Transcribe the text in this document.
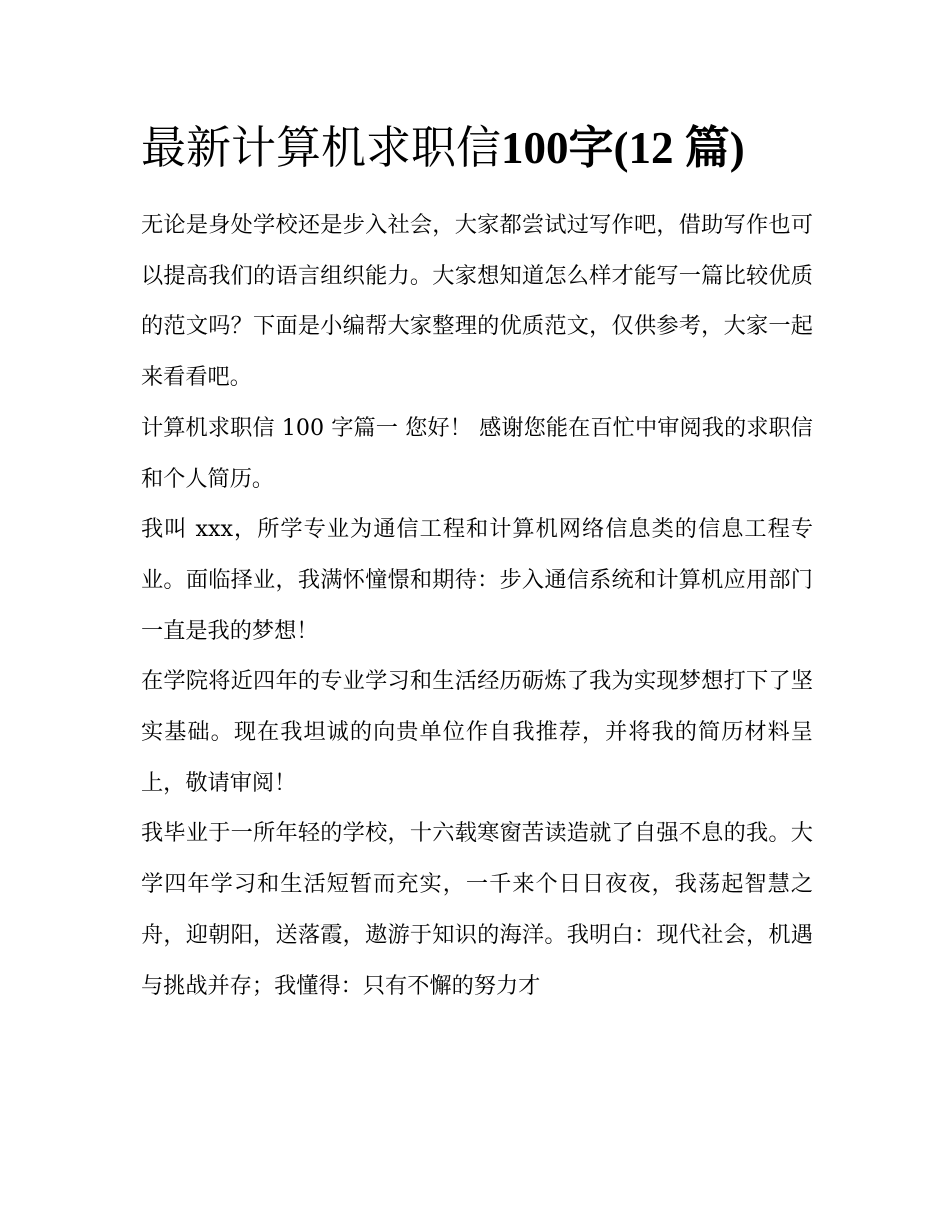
最新计算机求职信100字(12 篇)

无论是身处学校还是步入社会，大家都尝试过写作吧，借助写作也可以提高我们的语言组织能力。大家想知道怎么样才能写一篇比较优质的范文吗？下面是小编帮大家整理的优质范文，仅供参考，大家一起来看看吧。

计算机求职信 100 字篇一 您好！ 感谢您能在百忙中审阅我的求职信和个人简历。

我叫 xxx，所学专业为通信工程和计算机网络信息类的信息工程专业。面临择业，我满怀憧憬和期待：步入通信系统和计算机应用部门一直是我的梦想！

在学院将近四年的专业学习和生活经历砺炼了我为实现梦想打下了坚实基础。现在我坦诚的向贵单位作自我推荐，并将我的简历材料呈上，敬请审阅！

我毕业于一所年轻的学校，十六载寒窗苦读造就了自强不息的我。大学四年学习和生活短暂而充实，一千来个日日夜夜，我荡起智慧之舟，迎朝阳，送落霞，遨游于知识的海洋。我明白：现代社会，机遇与挑战并存；我懂得：只有不懈的努力才
